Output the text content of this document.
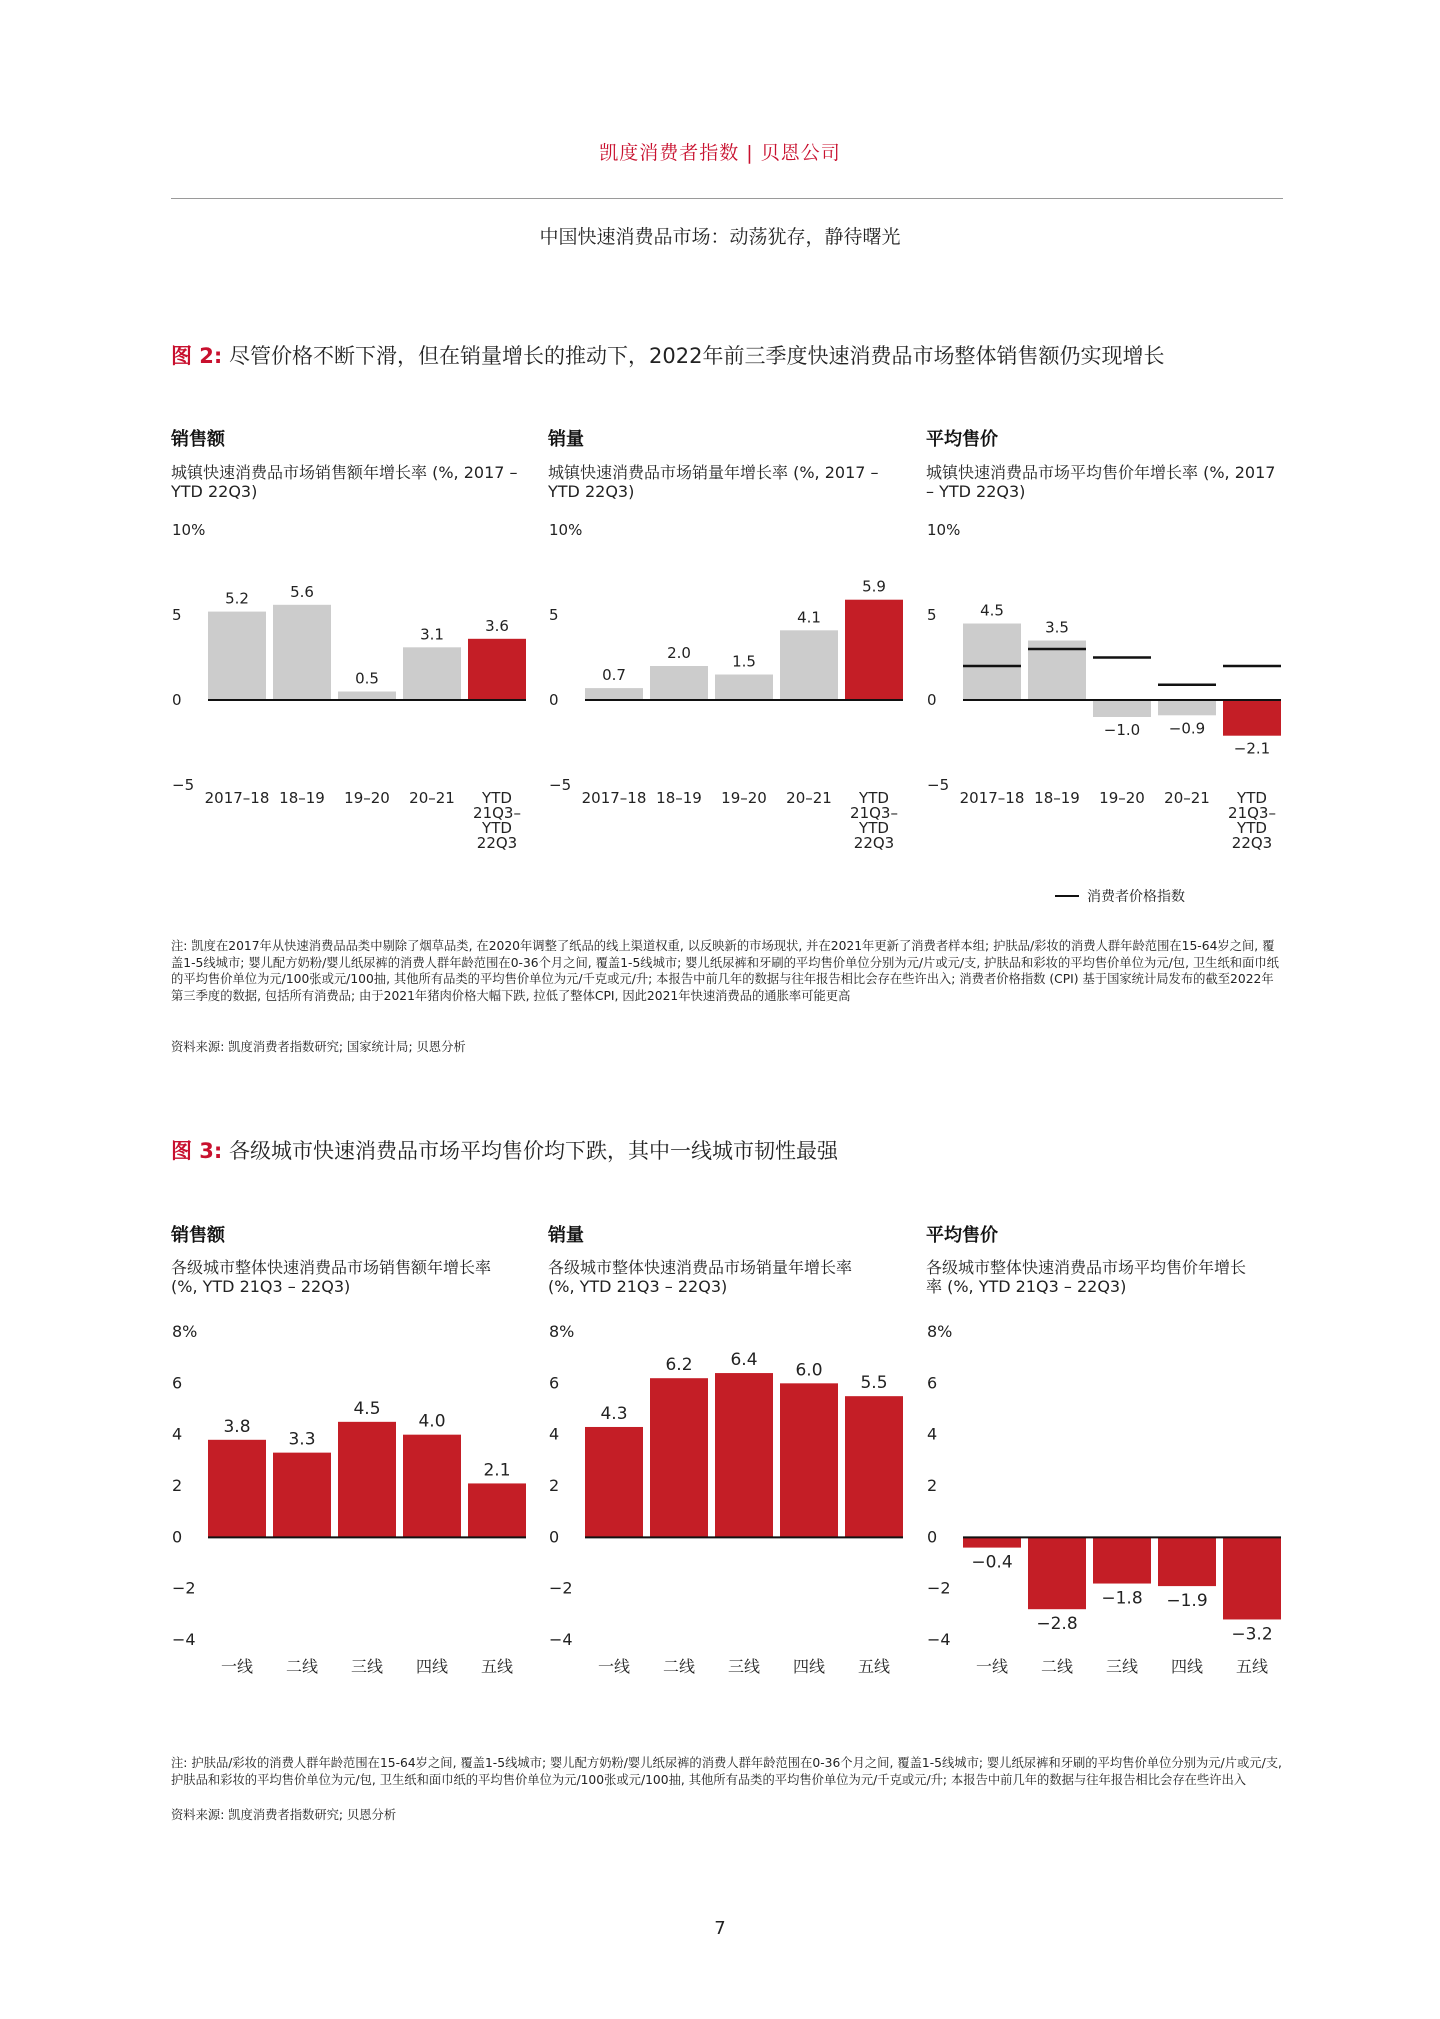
凯度消费者指数 | 贝恩公司
中国快速消费品市场：动荡犹存，静待曙光
图 2: 尽管价格不断下滑，但在销量增长的推动下，2022年前三季度快速消费品市场整体销售额仍实现增长
销售额
城镇快速消费品市场销售额年增长率 (%, 2017 – YTD 22Q3)
销量
城镇快速消费品市场销量年增长率 (%, 2017 – YTD 22Q3)
平均售价
城镇快速消费品市场平均售价年增长率 (%, 2017 – YTD 22Q3)
−5
0
5
10%
5.2
2017–18
5.6
18–19
0.5
19–20
3.1
20–21
3.6
YTD
21Q3–
YTD
22Q3
−5
0
5
10%
0.7
2017–18
2.0
18–19
1.5
19–20
4.1
20–21
5.9
YTD
21Q3–
YTD
22Q3
−5
0
5
10%
4.5
2017–18
3.5
18–19
−1.0
19–20
−0.9
20–21
−2.1
YTD
21Q3–
YTD
22Q3
消费者价格指数
注: 凯度在2017年从快速消费品品类中剔除了烟草品类, 在2020年调整了纸品的线上渠道权重, 以反映新的市场现状, 并在2021年更新了消费者样本组; 护肤品/彩妆的消费人群年龄范围在15-64岁之间, 覆盖1-5线城市; 婴儿配方奶粉/婴儿纸尿裤的消费人群年龄范围在0-36个月之间, 覆盖1-5线城市; 婴儿纸尿裤和牙刷的平均售价单位分别为元/片或元/支, 护肤品和彩妆的平均售价单位为元/包, 卫生纸和面巾纸的平均售价单位为元/100张或元/100抽, 其他所有品类的平均售价单位为元/千克或元/升; 本报告中前几年的数据与往年报告相比会存在些许出入; 消费者价格指数 (CPI) 基于国家统计局发布的截至2022年第三季度的数据, 包括所有消费品; 由于2021年猪肉价格大幅下跌, 拉低了整体CPI, 因此2021年快速消费品的通胀率可能更高
资料来源: 凯度消费者指数研究; 国家统计局; 贝恩分析
图 3: 各级城市快速消费品市场平均售价均下跌，其中一线城市韧性最强
销售额
各级城市整体快速消费品市场销售额年增长率 (%, YTD 21Q3 – 22Q3)
销量
各级城市整体快速消费品市场销量年增长率 (%, YTD 21Q3 – 22Q3)
平均售价
各级城市整体快速消费品市场平均售价年增长率 (%, YTD 21Q3 – 22Q3)
−4
−2
0
2
4
6
8%
3.8
一线
3.3
二线
4.5
三线
4.0
四线
2.1
五线
−4
−2
0
2
4
6
8%
4.3
一线
6.2
二线
6.4
三线
6.0
四线
5.5
五线
−4
−2
0
2
4
6
8%
−0.4
一线
−2.8
二线
−1.8
三线
−1.9
四线
−3.2
五线
注: 护肤品/彩妆的消费人群年龄范围在15-64岁之间, 覆盖1-5线城市; 婴儿配方奶粉/婴儿纸尿裤的消费人群年龄范围在0-36个月之间, 覆盖1-5线城市; 婴儿纸尿裤和牙刷的平均售价单位分别为元/片或元/支, 护肤品和彩妆的平均售价单位为元/包, 卫生纸和面巾纸的平均售价单位为元/100张或元/100抽, 其他所有品类的平均售价单位为元/千克或元/升; 本报告中前几年的数据与往年报告相比会存在些许出入
资料来源: 凯度消费者指数研究; 贝恩分析
7
